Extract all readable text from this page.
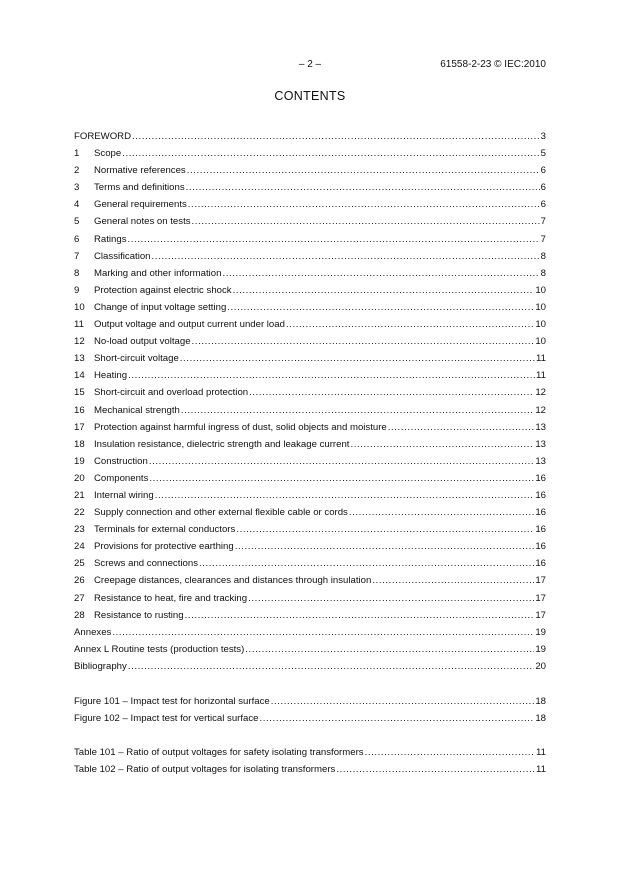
– 2 –	61558-2-23 © IEC:2010
CONTENTS
FOREWORD .....	3
1	Scope .....	5
2	Normative references .....	6
3	Terms and definitions .....	6
4	General requirements .....	6
5	General notes on tests .....	7
6	Ratings .....	7
7	Classification .....	8
8	Marking and other information .....	8
9	Protection against electric shock .....	10
10 Change of input voltage setting .....	10
11	Output voltage and output current under load .....	10
12 No-load output voltage .....	10
13 Short-circuit voltage .....	11
14 Heating .....	11
15 Short-circuit and overload protection .....	12
16 Mechanical strength .....	12
17 Protection against harmful ingress of dust, solid objects and moisture .....	13
18 Insulation resistance, dielectric strength and leakage current .....	13
19 Construction .....	13
20 Components .....	16
21 Internal wiring .....	16
22 Supply connection and other external flexible cable or cords .....	16
23 Terminals for external conductors .....	16
24 Provisions for protective earthing .....	16
25 Screws and connections .....	16
26 Creepage distances, clearances and distances through insulation .....	17
27 Resistance to heat, fire and tracking .....	17
28 Resistance to rusting .....	17
Annexes .....	19
Annex L Routine tests (production tests) .....	19
Bibliography .....	20
Figure 101 – Impact test for horizontal surface .....	18
Figure 102 – Impact test for vertical surface .....	18
Table 101 – Ratio of output voltages for safety isolating transformers .....	11
Table 102 – Ratio of output voltages for isolating transformers .....	11
